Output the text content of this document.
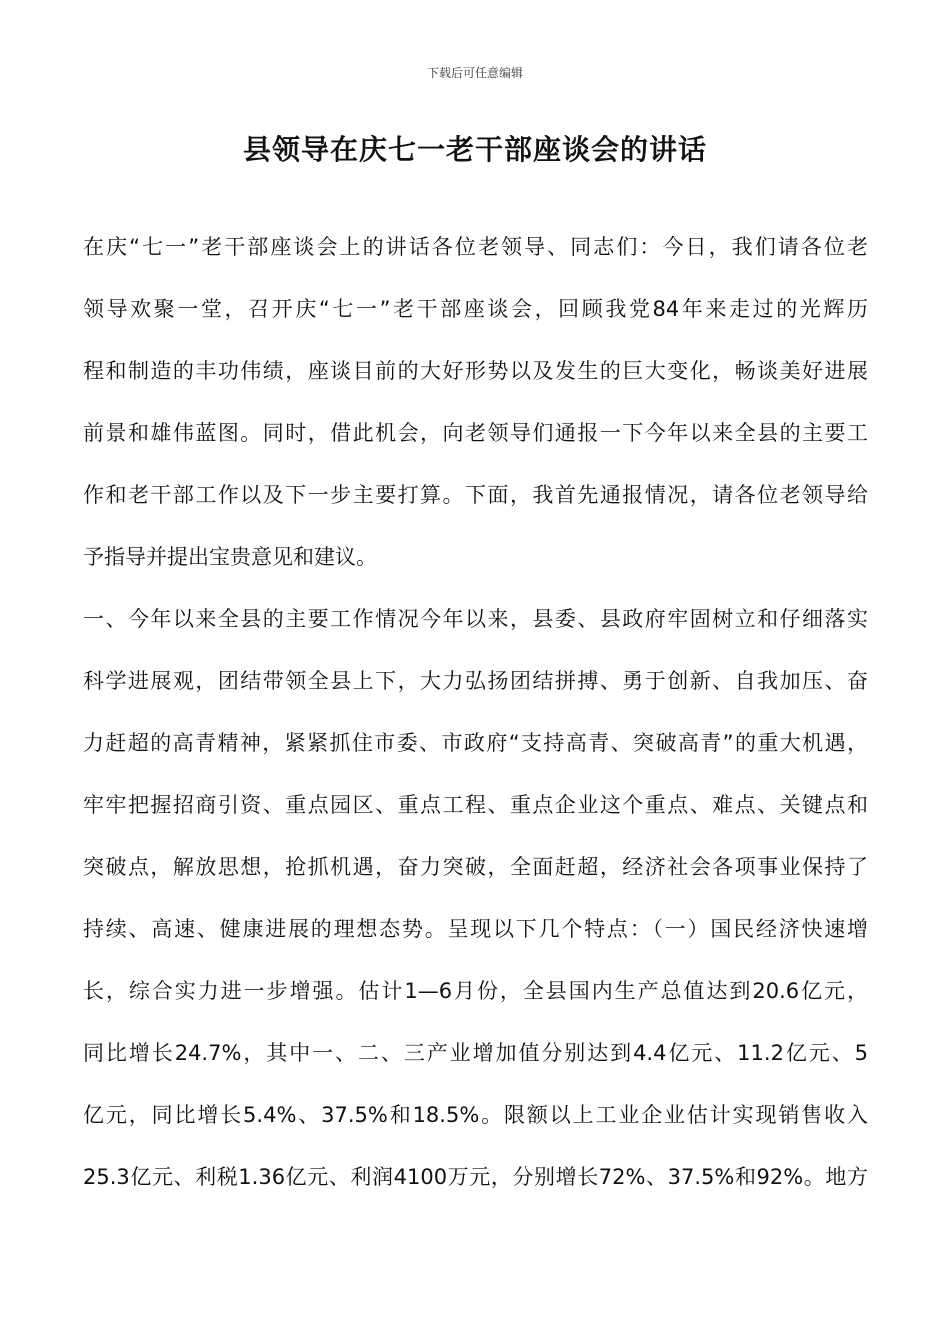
下载后可任意编辑
县领导在庆七一老干部座谈会的讲话
在庆“七一”老干部座谈会上的讲话各位老领导、同志们：今日，我们请各位老
领导欢聚一堂，召开庆“七一”老干部座谈会，回顾我党84年来走过的光辉历
程和制造的丰功伟绩，座谈目前的大好形势以及发生的巨大变化，畅谈美好进展
前景和雄伟蓝图。同时，借此机会，向老领导们通报一下今年以来全县的主要工
作和老干部工作以及下一步主要打算。下面，我首先通报情况，请各位老领导给
予指导并提出宝贵意见和建议。
一、今年以来全县的主要工作情况今年以来，县委、县政府牢固树立和仔细落实
科学进展观，团结带领全县上下，大力弘扬团结拼搏、勇于创新、自我加压、奋
力赶超的高青精神，紧紧抓住市委、市政府“支持高青、突破高青”的重大机遇，
牢牢把握招商引资、重点园区、重点工程、重点企业这个重点、难点、关键点和
突破点，解放思想，抢抓机遇，奋力突破，全面赶超，经济社会各项事业保持了
持续、高速、健康进展的理想态势。呈现以下几个特点：（一）国民经济快速增
长，综合实力进一步增强。估计1—6月份，全县国内生产总值达到20.6亿元，
同比增长24.7%，其中一、二、三产业增加值分别达到4.4亿元、11.2亿元、5
亿元，同比增长5.4%、37.5%和18.5%。限额以上工业企业估计实现销售收入
25.3亿元、利税1.36亿元、利润4100万元，分别增长72%、37.5%和92%。地方
